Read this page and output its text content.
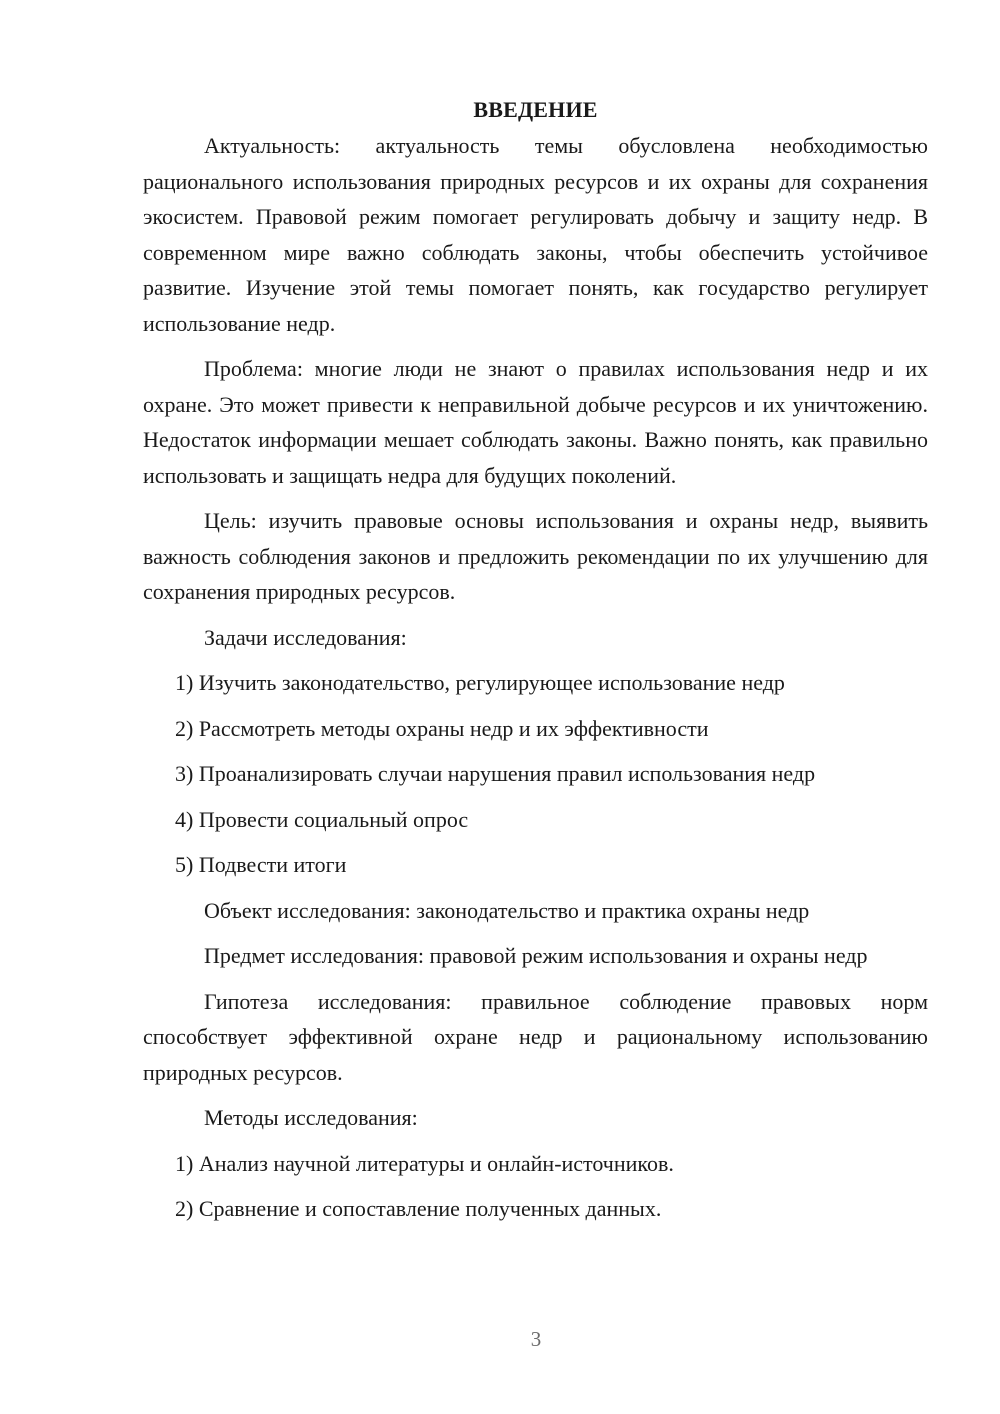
ВВЕДЕНИЕ

Актуальность: актуальность темы обусловлена необходимостью рационального использования природных ресурсов и их охраны для сохранения экосистем. Правовой режим помогает регулировать добычу и защиту недр. В современном мире важно соблюдать законы, чтобы обеспечить устойчивое развитие. Изучение этой темы помогает понять, как государство регулирует использование недр.

Проблема: многие люди не знают о правилах использования недр и их охране. Это может привести к неправильной добыче ресурсов и их уничтожению. Недостаток информации мешает соблюдать законы. Важно понять, как правильно использовать и защищать недра для будущих поколений.

Цель: изучить правовые основы использования и охраны недр, выявить важность соблюдения законов и предложить рекомендации по их улучшению для сохранения природных ресурсов.

Задачи исследования:

1) Изучить законодательство, регулирующее использование недр

2) Рассмотреть методы охраны недр и их эффективности

3) Проанализировать случаи нарушения правил использования недр

4) Провести социальный опрос

5) Подвести итоги

Объект исследования: законодательство и практика охраны недр

Предмет исследования: правовой режим использования и охраны недр

Гипотеза исследования: правильное соблюдение правовых норм способствует эффективной охране недр и рациональному использованию природных ресурсов.

Методы исследования:

1) Анализ научной литературы и онлайн-источников.

2) Сравнение и сопоставление полученных данных.

3
